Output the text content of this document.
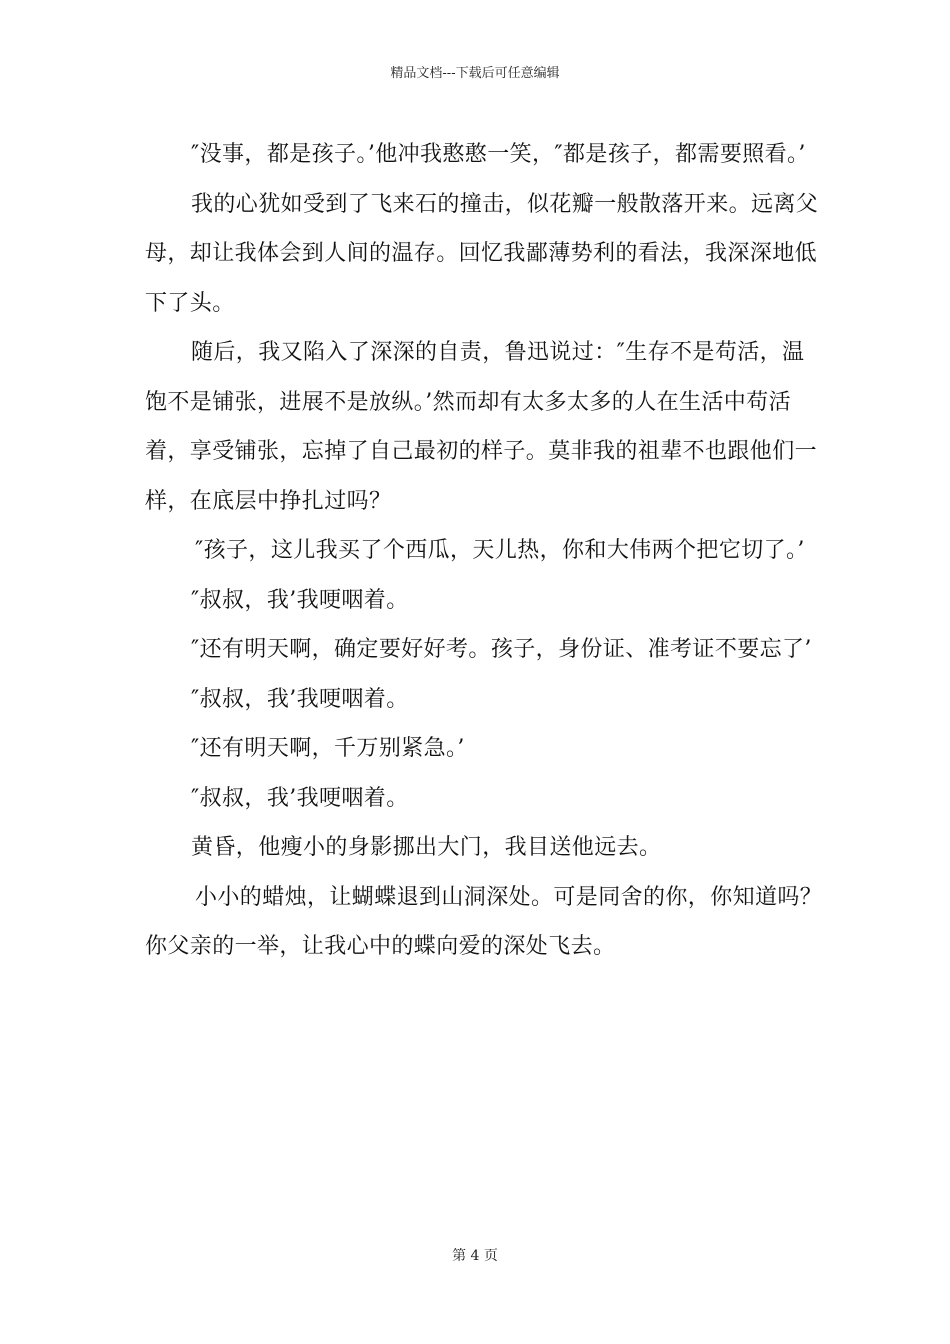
精品文档---下载后可任意编辑

″没事，都是孩子。’他冲我憨憨一笑，″都是孩子，都需要照看。’

我的心犹如受到了飞来石的撞击，似花瓣一般散落开来。远离父母，却让我体会到人间的温存。回忆我鄙薄势利的看法，我深深地低下了头。

随后，我又陷入了深深的自责，鲁迅说过：″生存不是苟活，温饱不是铺张，进展不是放纵。’然而却有太多太多的人在生活中苟活着，享受铺张，忘掉了自己最初的样子。莫非我的祖辈不也跟他们一样，在底层中挣扎过吗？

″孩子，这儿我买了个西瓜，天儿热，你和大伟两个把它切了。’

″叔叔，我’我哽咽着。

″还有明天啊，确定要好好考。孩子，身份证、准考证不要忘了’

″叔叔，我’我哽咽着。

″还有明天啊，千万别紧急。’

″叔叔，我’我哽咽着。

黄昏，他瘦小的身影挪出大门，我目送他远去。

小小的蜡烛，让蝴蝶退到山洞深处。可是同舍的你，你知道吗？你父亲的一举，让我心中的蝶向爱的深处飞去。

第 4 页
